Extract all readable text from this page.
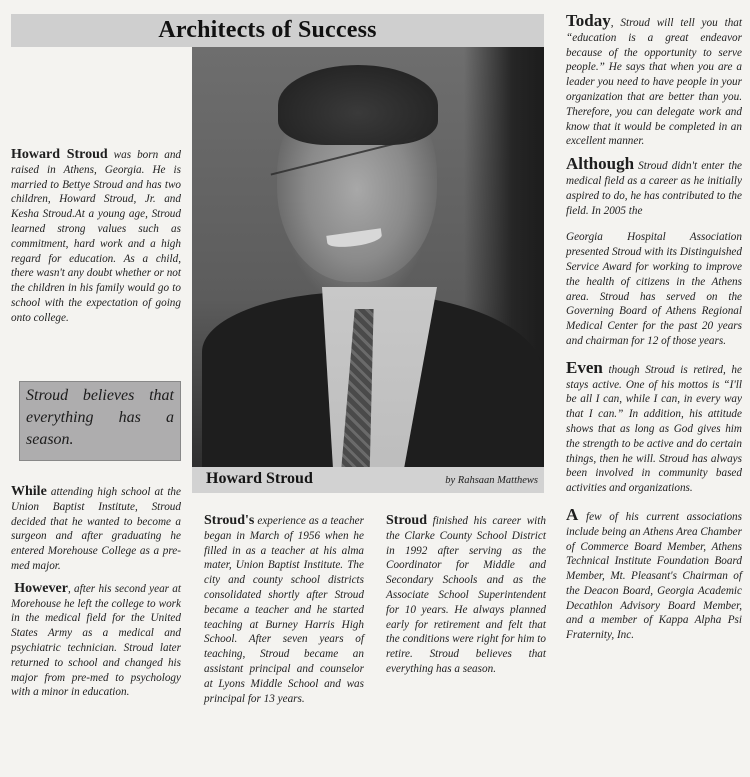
Architects of Success
Howard Stroud	by Rahsaan Matthews

Howard Stroud was born and raised in Athens, Georgia. He is married to Bettye Stroud and has two children, Howard Stroud, Jr. and Kesha Stroud.At a young age, Stroud learned strong values such as commitment, hard work and a high regard for education. As a child, there wasn't any doubt whether or not the children in his family would go to school with the expectation of going onto college.

Stroud believes that everything has a season.

While attending high school at the Union Baptist Institute, Stroud decided that he wanted to become a surgeon and after graduating he entered Morehouse College as a pre-med major.

However, after his second year at Morehouse he left the college to work in the medical field for the United States Army as a medical and psychiatric technician. Stroud later returned to school and changed his major from pre-med to psychology with a minor in education.

Stroud's experience as a teacher began in March of 1956 when he filled in as a teacher at his alma mater, Union Baptist Institute. The city and county school districts consolidated shortly after Stroud became a teacher and he started teaching at Burney Harris High School. After seven years of teaching, Stroud became an assistant principal and counselor at Lyons Middle School and was principal for 13 years.

Stroud finished his career with the Clarke County School District in 1992 after serving as the Coordinator for Middle and Secondary Schools and as the Associate School Superintendent for 10 years. He always planned early for retirement and felt that the conditions were right for him to retire. Stroud believes that everything has a season.

Today, Stroud will tell you that “education is a great endeavor because of the opportunity to serve people.” He says that when you are a leader you need to have people in your organization that are better than you. Therefore, you can delegate work and know that it would be completed in an excellent manner.

Although Stroud didn't enter the medical field as a career as he initially aspired to do, he has contributed to the field. In 2005 the

Georgia Hospital Association presented Stroud with its Distinguished Service Award for working to improve the health of citizens in the Athens area. Stroud has served on the Governing Board of Athens Regional Medical Center for the past 20 years and chairman for 12 of those years.

Even though Stroud is retired, he stays active. One of his mottos is “I'll be all I can, while I can, in every way that I can.” In addition, his attitude shows that as long as God gives him the strength to be active and do certain things, then he will. Stroud has always been involved in community based activities and organizations.

A few of his current associations include being an Athens Area Chamber of Commerce Board Member, Athens Technical Institute Foundation Board Member, Mt. Pleasant's Chairman of the Deacon Board, Georgia Academic Decathlon Advisory Board Member, and a member of Kappa Alpha Psi Fraternity, Inc.
